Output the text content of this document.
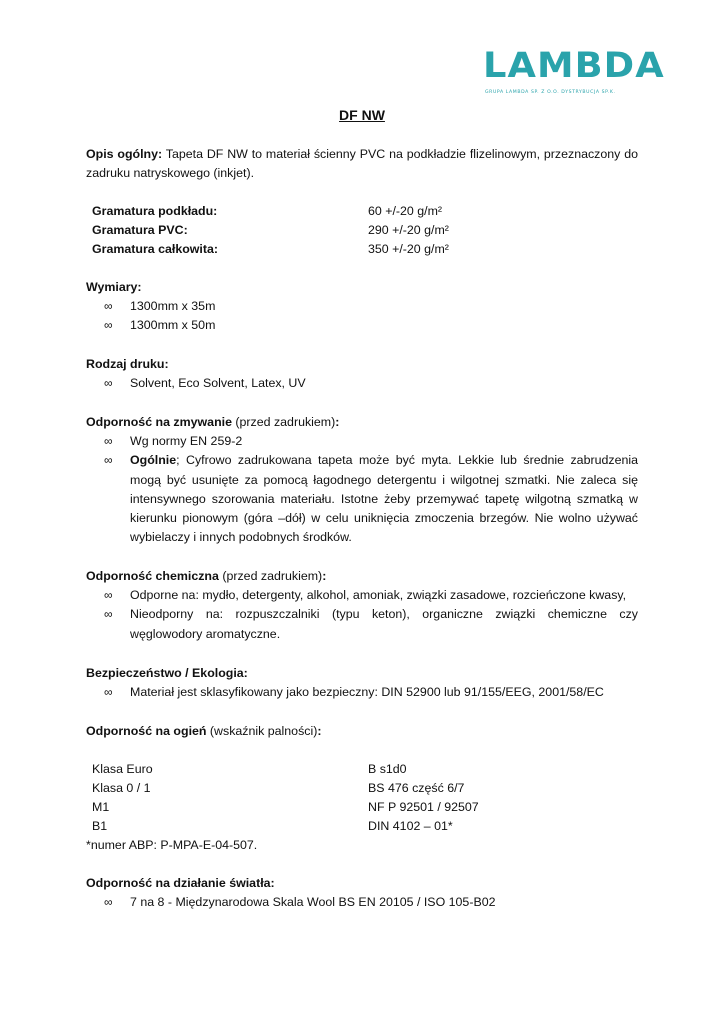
LAMBDA
GRUPA LAMBDA SP. Z O.O. DYSTRYBUCJA SP.K.
DF NW
Opis ogólny: Tapeta DF NW to materiał ścienny PVC na podkładzie flizelinowym, przeznaczony do zadruku natryskowego (inkjet).
Gramatura podkładu:	60 +/-20 g/m²
Gramatura PVC:	290 +/-20 g/m²
Gramatura całkowita:	350 +/-20 g/m²
Wymiary:
∞ 1300mm x 35m
∞ 1300mm x 50m
Rodzaj druku:
∞ Solvent, Eco Solvent, Latex, UV
Odporność na zmywanie (przed zadrukiem):
∞ Wg normy EN 259-2
∞ Ogólnie; Cyfrowo zadrukowana tapeta może być myta. Lekkie lub średnie zabrudzenia mogą być usunięte za pomocą łagodnego detergentu i wilgotnej szmatki. Nie zaleca się intensywnego szorowania materiału. Istotne żeby przemywać tapetę wilgotną szmatką w kierunku pionowym (góra –dół) w celu uniknięcia zmoczenia brzegów. Nie wolno używać wybielaczy i innych podobnych środków.
Odporność chemiczna (przed zadrukiem):
∞ Odporne na: mydło, detergenty, alkohol, amoniak, związki zasadowe, rozcieńczone kwasy,
∞ Nieodporny na: rozpuszczalniki (typu keton), organiczne związki chemiczne czy węglowodory aromatyczne.
Bezpieczeństwo / Ekologia:
∞ Materiał jest sklasyfikowany jako bezpieczny: DIN 52900 lub 91/155/EEG, 2001/58/EC
Odporność na ogień (wskaźnik palności):
Klasa Euro	B s1d0
Klasa 0 / 1	BS 476 część 6/7
M1	NF P 92501 / 92507
B1	DIN 4102 – 01*
*numer ABP: P-MPA-E-04-507.
Odporność na działanie światła:
∞ 7 na 8 - Międzynarodowa Skala Wool BS EN 20105 / ISO 105-B02
